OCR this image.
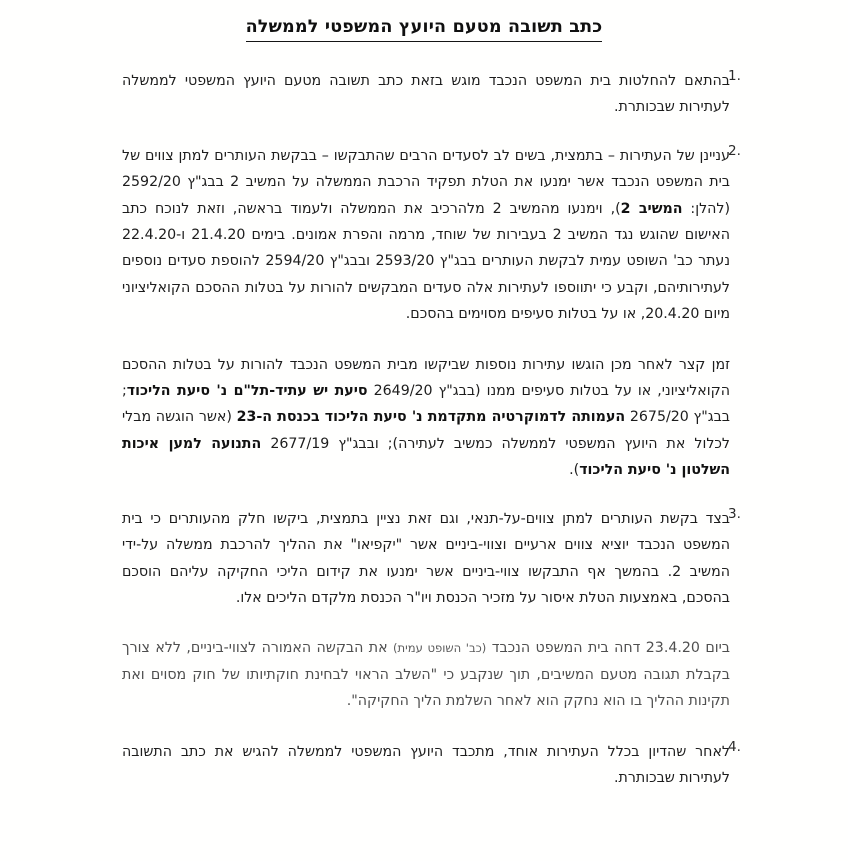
כתב תשובה מטעם היועץ המשפטי לממשלה
1.

בהתאם להחלטות בית המשפט הנכבד מוגש בזאת כתב תשובה מטעם היועץ המשפטי לממשלה לעתירות שבכותרת.

2.

עניינן של העתירות – בתמצית, בשים לב לסעדים הרבים שהתבקשו – בבקשת העותרים למתן צווים של בית המשפט הנכבד אשר ימנעו את הטלת תפקיד הרכבת הממשלה על המשיב 2 בבג"ץ 2592/20 (להלן: המשיב 2), וימנעו מהמשיב 2 מלהרכיב את הממשלה ולעמוד בראשה, וזאת לנוכח כתב האישום שהוגש נגד המשיב 2 בעבירות של שוחד, מרמה והפרת אמונים. בימים 21.4.20 ו-22.4.20 נעתר כב' השופט עמית לבקשת העותרים בבג"ץ 2593/20 ובבג"ץ 2594/20 להוספת סעדים נוספים לעתירותיהם, וקבע כי יתווספו לעתירות אלה סעדים המבקשים להורות על בטלות ההסכם הקואליציוני מיום 20.4.20, או על בטלות סעיפים מסוימים בהסכם.

זמן קצר לאחר מכן הוגשו עתירות נוספות שביקשו מבית המשפט הנכבד להורות על בטלות ההסכם הקואליציוני, או על בטלות סעיפים ממנו (בבג"ץ 2649/20 סיעת יש עתיד-תל"ם נ' סיעת הליכוד; בבג"ץ 2675/20 העמותה לדמוקרטיה מתקדמת נ' סיעת הליכוד בכנסת ה-23 (אשר הוגשה מבלי לכלול את היועץ המשפטי לממשלה כמשיב לעתירה); ובבג"ץ 2677/19 התנועה למען איכות השלטון נ' סיעת הליכוד).

3.

בצד בקשת העותרים למתן צווים-על-תנאי, וגם זאת נציין בתמצית, ביקשו חלק מהעותרים כי בית המשפט הנכבד יוציא צווים ארעיים וצווי-ביניים אשר "יקפיאו" את ההליך להרכבת ממשלה על-ידי המשיב 2. בהמשך אף התבקשו צווי-ביניים אשר ימנעו את קידום הליכי החקיקה עליהם הוסכם בהסכם, באמצעות הטלת איסור על מזכיר הכנסת ויו"ר הכנסת מלקדם הליכים אלו.

ביום 23.4.20 דחה בית המשפט הנכבד (כב' השופט עמית) את הבקשה האמורה לצווי-ביניים, ללא צורך בקבלת תגובה מטעם המשיבים, תוך שנקבע כי "השלב הראוי לבחינת חוקתיותו של חוק מסוים ואת תקינות ההליך בו הוא נחקק הוא לאחר השלמת הליך החקיקה".

4.

לאחר שהדיון בכלל העתירות אוחד, מתכבד היועץ המשפטי לממשלה להגיש את כתב התשובה לעתירות שבכותרת.
